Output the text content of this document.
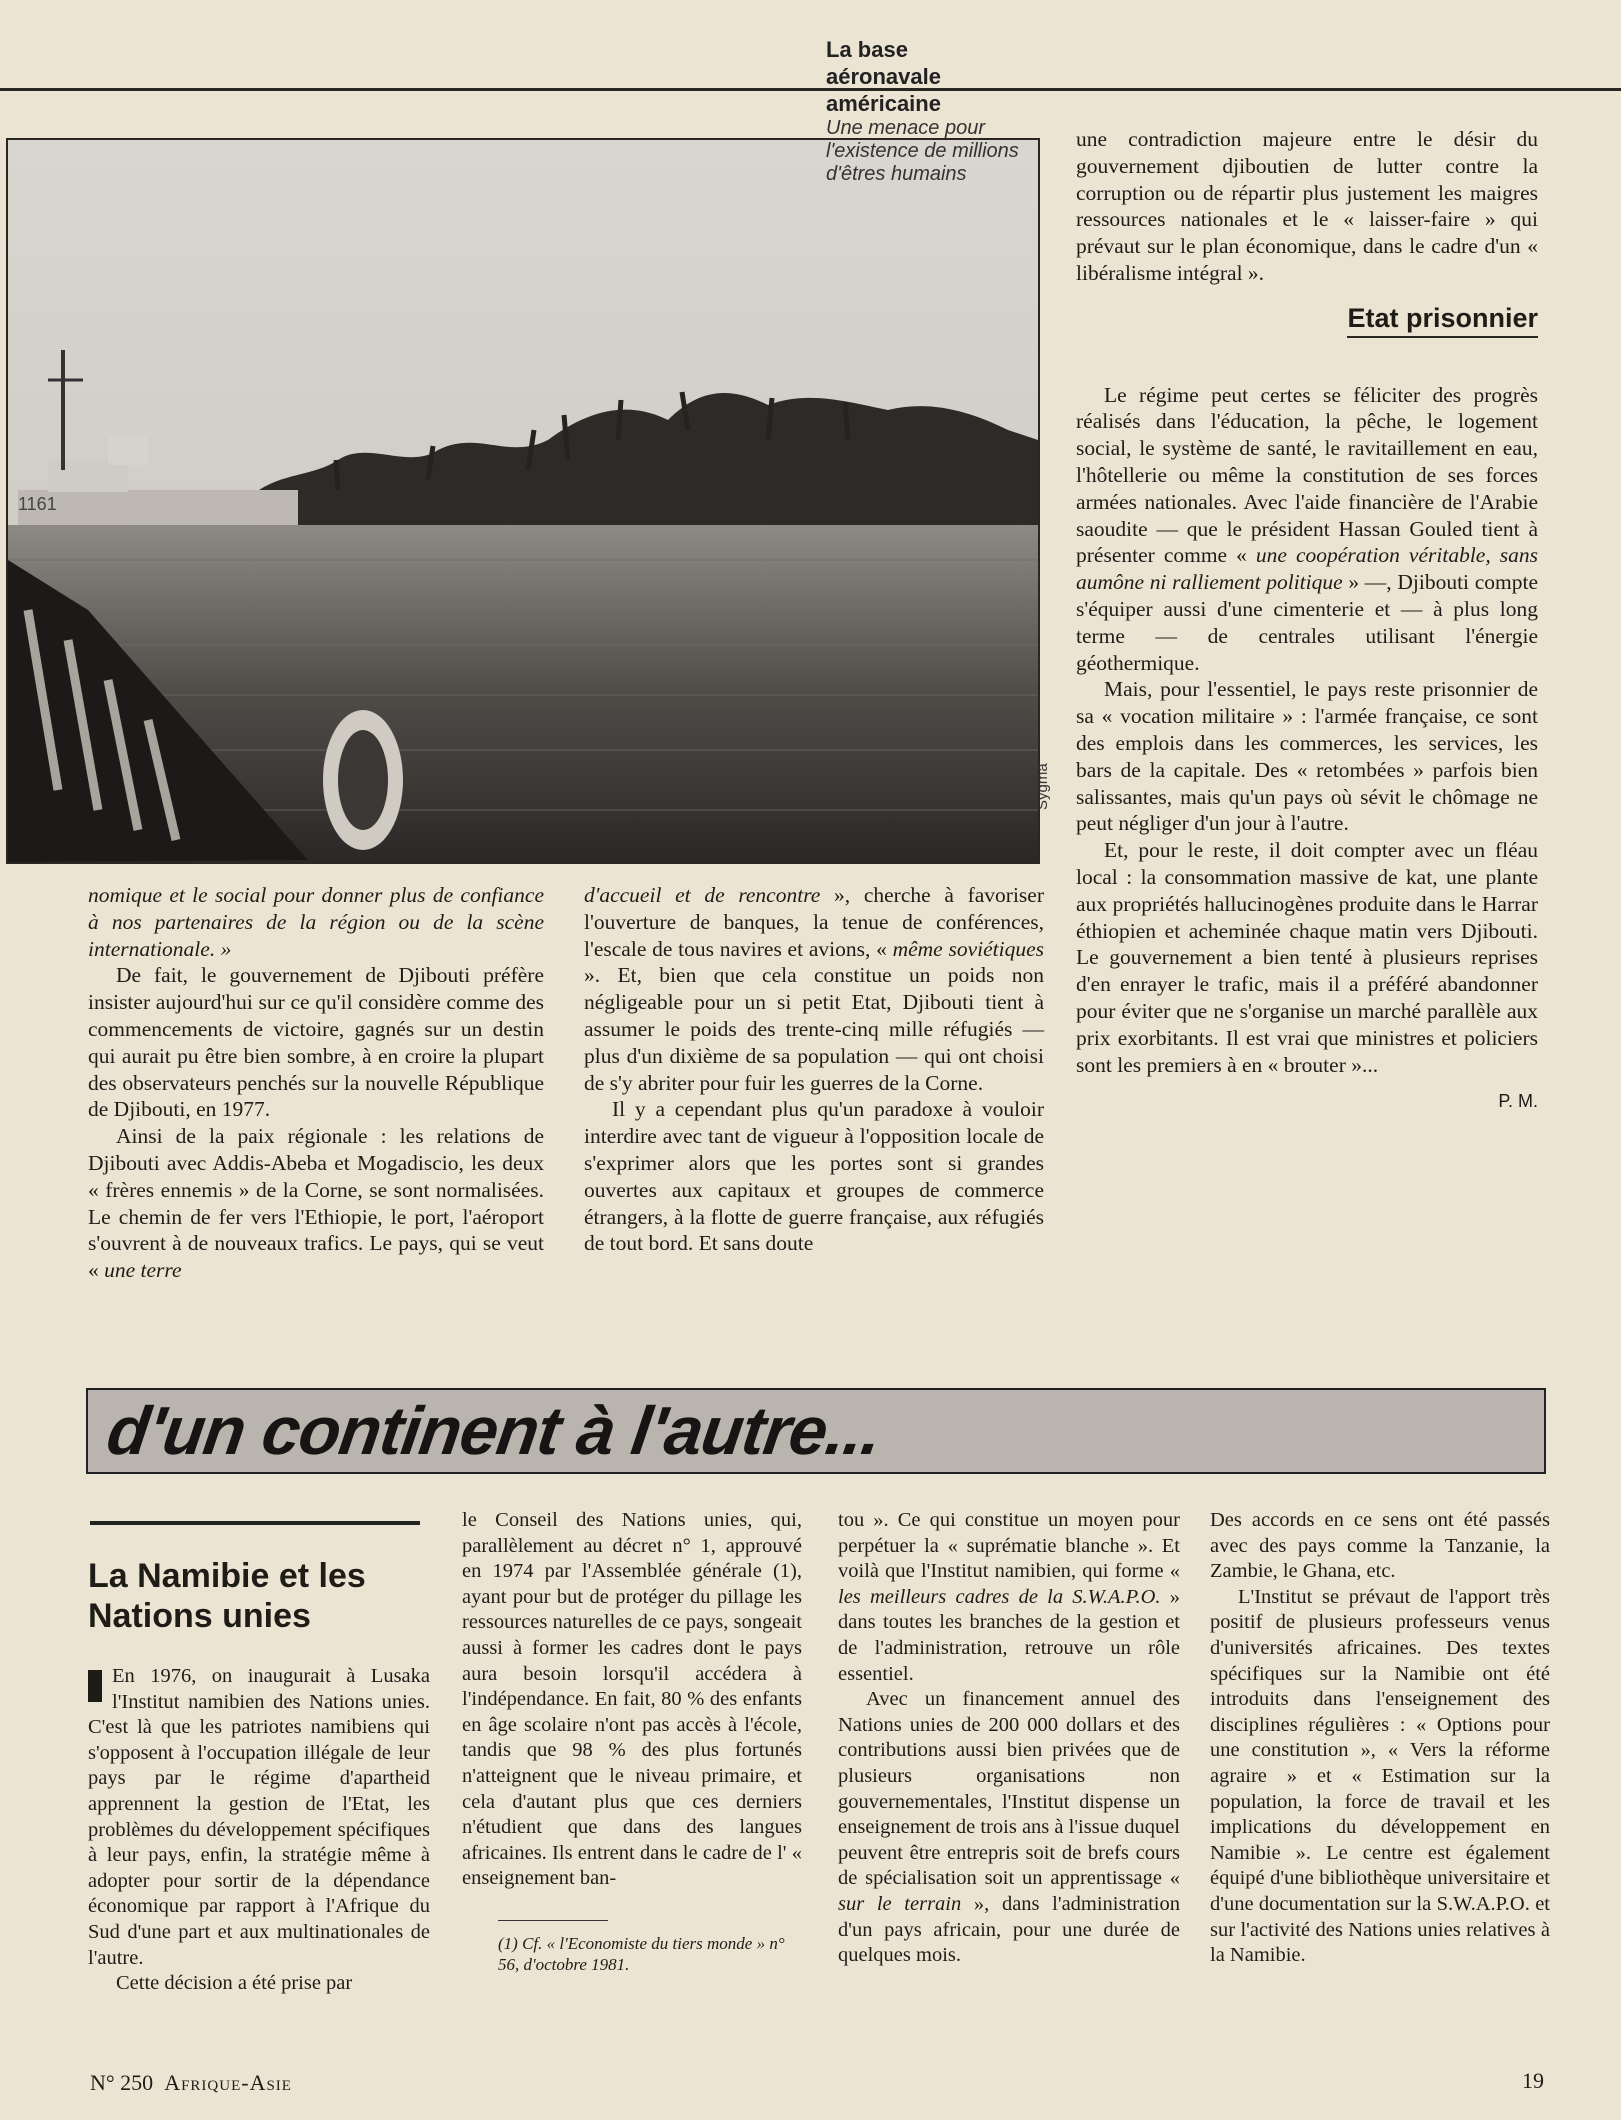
1161
La base aéronavale américaine
Une menace pour l'existence de millions d'êtres humains
Sygma

nomique et le social pour donner plus de confiance à nos partenaires de la région ou de la scène internationale. »

De fait, le gouvernement de Djibouti préfère insister aujourd'hui sur ce qu'il considère comme des commencements de victoire, gagnés sur un destin qui aurait pu être bien sombre, à en croire la plupart des observateurs penchés sur la nouvelle République de Djibouti, en 1977.

Ainsi de la paix régionale : les relations de Djibouti avec Addis-Abeba et Mogadiscio, les deux « frères ennemis » de la Corne, se sont normalisées. Le chemin de fer vers l'Ethiopie, le port, l'aéroport s'ouvrent à de nouveaux trafics. Le pays, qui se veut « une terre

d'accueil et de rencontre », cherche à favoriser l'ouverture de banques, la tenue de conférences, l'escale de tous navires et avions, « même soviétiques ». Et, bien que cela constitue un poids non négligeable pour un si petit Etat, Djibouti tient à assumer le poids des trente-cinq mille réfugiés — plus d'un dixième de sa population — qui ont choisi de s'y abriter pour fuir les guerres de la Corne.

Il y a cependant plus qu'un paradoxe à vouloir interdire avec tant de vigueur à l'opposition locale de s'exprimer alors que les portes sont si grandes ouvertes aux capitaux et groupes de commerce étrangers, à la flotte de guerre française, aux réfugiés de tout bord. Et sans doute

une contradiction majeure entre le désir du gouvernement djiboutien de lutter contre la corruption ou de répartir plus justement les maigres ressources nationales et le « laisser-faire » qui prévaut sur le plan économique, dans le cadre d'un « libéralisme intégral ».

Etat prisonnier

Le régime peut certes se féliciter des progrès réalisés dans l'éducation, la pêche, le logement social, le système de santé, le ravitaillement en eau, l'hôtellerie ou même la constitution de ses forces armées nationales. Avec l'aide financière de l'Arabie saoudite — que le président Hassan Gouled tient à présenter comme « une coopération véritable, sans aumône ni ralliement politique » —, Djibouti compte s'équiper aussi d'une cimenterie et — à plus long terme — de centrales utilisant l'énergie géothermique.

Mais, pour l'essentiel, le pays reste prisonnier de sa « vocation militaire » : l'armée française, ce sont des emplois dans les commerces, les services, les bars de la capitale. Des « retombées » parfois bien salissantes, mais qu'un pays où sévit le chômage ne peut négliger d'un jour à l'autre.

Et, pour le reste, il doit compter avec un fléau local : la consommation massive de kat, une plante aux propriétés hallucinogènes produite dans le Harrar éthiopien et acheminée chaque matin vers Djibouti. Le gouvernement a bien tenté à plusieurs reprises d'en enrayer le trafic, mais il a préféré abandonner pour éviter que ne s'organise un marché parallèle aux prix exorbitants. Il est vrai que ministres et policiers sont les premiers à en « brouter »...

P. M.
d'un continent à l'autre...
La Namibie et les Nations unies

En 1976, on inaugurait à Lusaka l'Institut namibien des Nations unies. C'est là que les patriotes namibiens qui s'opposent à l'occupation illégale de leur pays par le régime d'apartheid apprennent la gestion de l'Etat, les problèmes du développement spécifiques à leur pays, enfin, la stratégie même à adopter pour sortir de la dépendance économique par rapport à l'Afrique du Sud d'une part et aux multinationales de l'autre.

Cette décision a été prise par

le Conseil des Nations unies, qui, parallèlement au décret n° 1, approuvé en 1974 par l'Assemblée générale (1), ayant pour but de protéger du pillage les ressources naturelles de ce pays, songeait aussi à former les cadres dont le pays aura besoin lorsqu'il accédera à l'indépendance. En fait, 80 % des enfants en âge scolaire n'ont pas accès à l'école, tandis que 98 % des plus fortunés n'atteignent que le niveau primaire, et cela d'autant plus que ces derniers n'étudient que dans des langues africaines. Ils entrent dans le cadre de l' « enseignement ban-

(1) Cf. « l'Economiste du tiers monde » n° 56, d'octobre 1981.

tou ». Ce qui constitue un moyen pour perpétuer la « suprématie blanche ». Et voilà que l'Institut namibien, qui forme « les meilleurs cadres de la S.W.A.P.O. » dans toutes les branches de la gestion et de l'administration, retrouve un rôle essentiel.

Avec un financement annuel des Nations unies de 200 000 dollars et des contributions aussi bien privées que de plusieurs organisations non gouvernementales, l'Institut dispense un enseignement de trois ans à l'issue duquel peuvent être entrepris soit de brefs cours de spécialisation soit un apprentissage « sur le terrain », dans l'administration d'un pays africain, pour une durée de quelques mois.

Des accords en ce sens ont été passés avec des pays comme la Tanzanie, la Zambie, le Ghana, etc.

L'Institut se prévaut de l'apport très positif de plusieurs professeurs venus d'universités africaines. Des textes spécifiques sur la Namibie ont été introduits dans l'enseignement des disciplines régulières : « Options pour une constitution », « Vers la réforme agraire » et « Estimation sur la population, la force de travail et les implications du développement en Namibie ». Le centre est également équipé d'une bibliothèque universitaire et d'une documentation sur la S.W.A.P.O. et sur l'activité des Nations unies relatives à la Namibie.

N° 250 Afrique-Asie	19
